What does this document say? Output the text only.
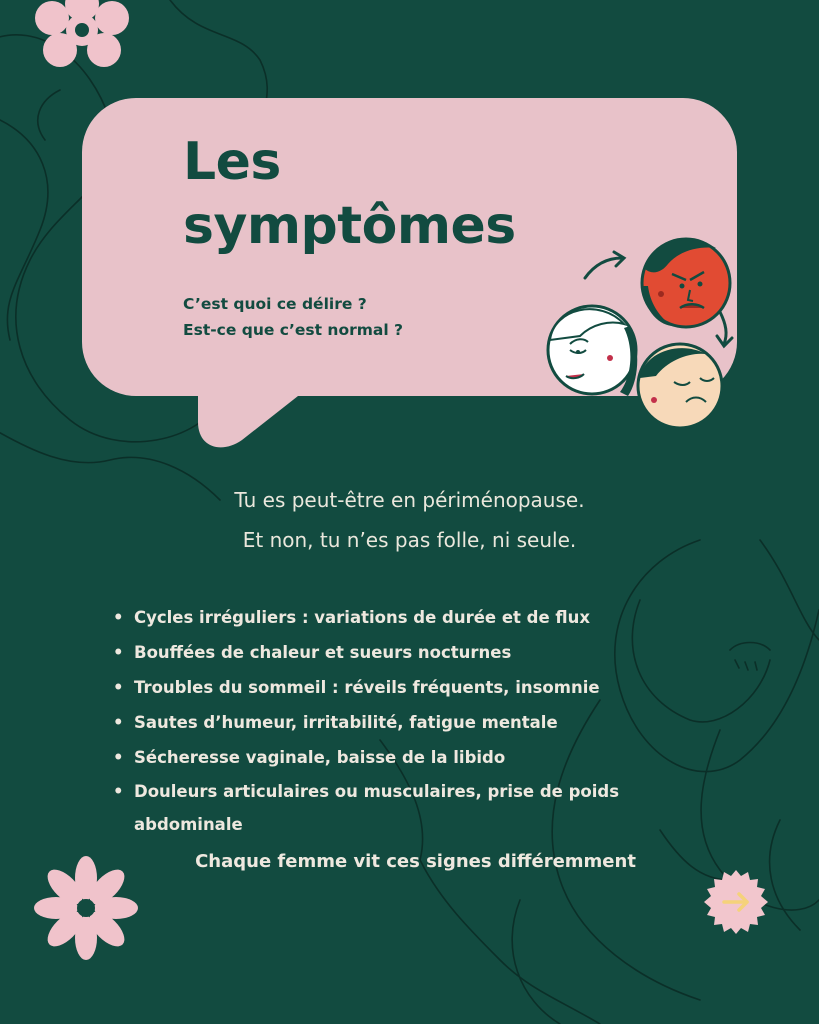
Les
symptômes
C’est quoi ce délire ?
Est-ce que c’est normal ?
Tu es peut-être en périménopause.
Et non, tu n’es pas folle, ni seule.
• Cycles irréguliers : variations de durée et de flux
• Bouffées de chaleur et sueurs nocturnes
• Troubles du sommeil : réveils fréquents, insomnie
• Sautes d’humeur, irritabilité, fatigue mentale
• Sécheresse vaginale, baisse de la libido
• Douleurs articulaires ou musculaires, prise de poids abdominale
Chaque femme vit ces signes différemment
